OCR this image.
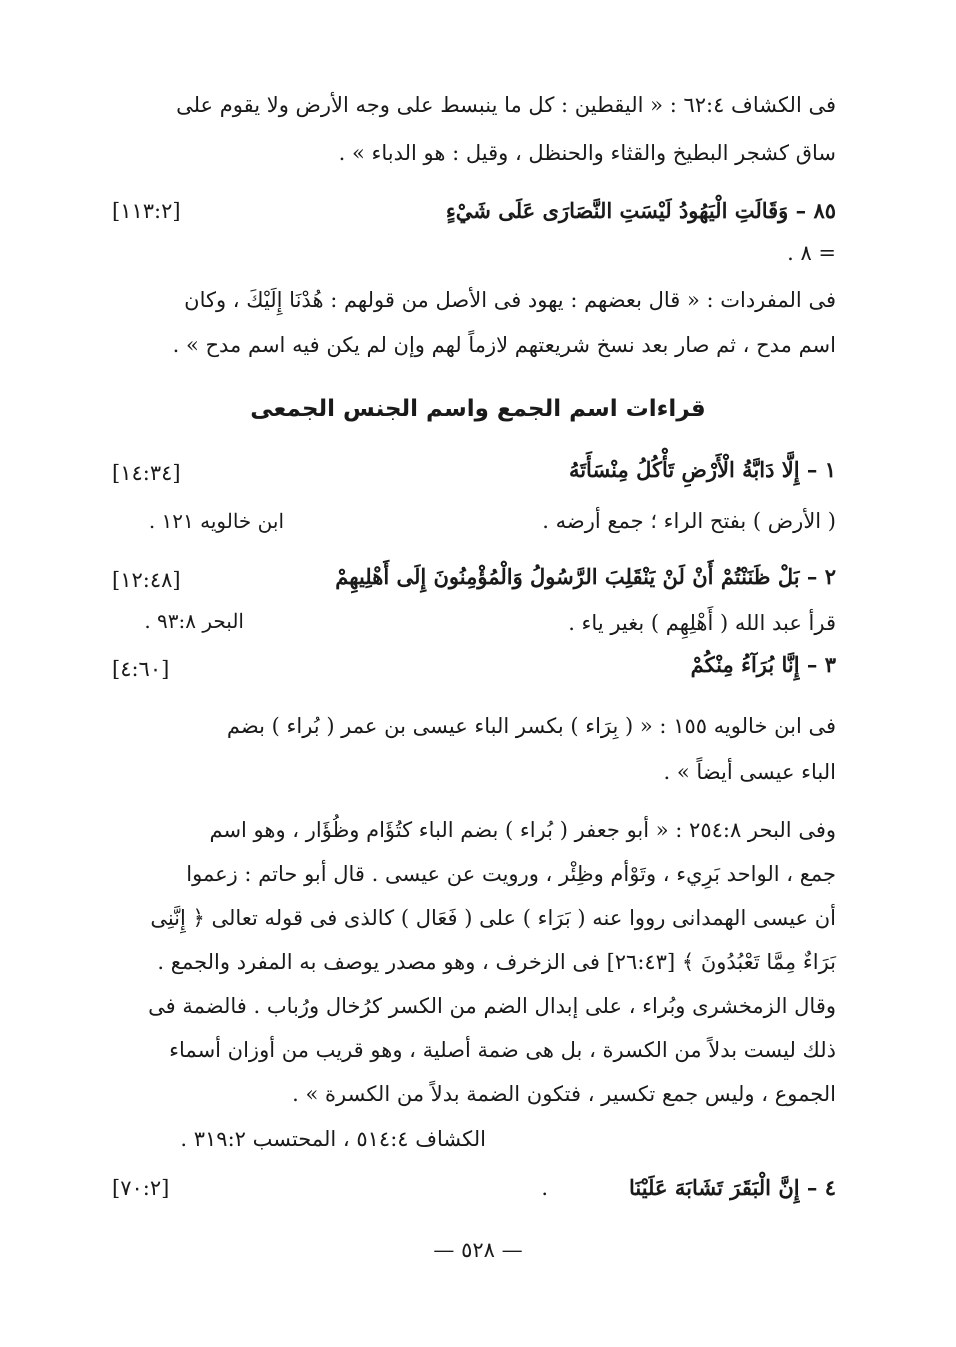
فى الكشاف ٦٢:٤ : « اليقطين : كل ما ينبسط على وجه الأرض ولا يقوم على
ساق كشجر البطيخ والقثاء والحنظل ، وقيل : هو الدباء » .
٨٥ – وَقَالَتِ الْيَهُودُ لَيْسَتِ النَّصَارَى عَلَى شَيْءٍ
[١١٣:٢]
= ٨ .
فى المفردات : « قال بعضهم : يهود فى الأصل من قولهم : هُدْنَا إِلَيْكَ ، وكان
اسم مدح ، ثم صار بعد نسخ شريعتهم لازماً لهم وإن لم يكن فيه اسم مدح » .
قراءات اسم الجمع واسم الجنس الجمعى
١ – إِلَّا دَابَّةُ الْأَرْضِ تَأْكُلُ مِنْسَأَتَهُ
[١٤:٣٤]
( الأرض ) بفتح الراء ؛ جمع أرضه .
ابن خالويه ١٢١ .
٢ – بَلْ ظَنَنْتُمْ أَنْ لَنْ يَنْقَلِبَ الرَّسُولُ وَالْمُؤْمِنُونَ إِلَى أَهْلِيهِمْ
[١٢:٤٨]
قرأ عبد الله ( أَهْلِهِم ) بغير ياء .
البحر ٩٣:٨ .
٣ – إِنَّا بُرَآءُ مِنْكُمْ
[٤:٦٠]
فى ابن خالويه ١٥٥ : « ( بِرَاء ) بكسر الباء عيسى بن عمر ( بُراء ) بضم
الباء عيسى أيضاً » .
وفى البحر ٢٥٤:٨ : « أبو جعفر ( بُراء ) بضم الباء كتُؤَام وظُؤَار ، وهو اسم
جمع ، الواحد بَرِيء ، وتَوْأم وظِئْر ، ورويت عن عيسى . قال أبو حاتم : زعموا
أن عيسى الهمدانى رووا عنه ( بَرَاء ) على ( فَعَال ) كالذى فى قوله تعالى ﴿ إِنَّنِى
بَرَاءٌ مِمَّا تَعْبُدُونَ ﴾ [٢٦:٤٣] فى الزخرف ، وهو مصدر يوصف به المفرد والجمع .
وقال الزمخشرى وبُراء ، على إبدال الضم من الكسر كرُخال ورُباب . فالضمة فى
ذلك ليست بدلاً من الكسرة ، بل هى ضمة أصلية ، وهو قريب من أوزان أسماء
الجموع ، وليس جمع تكسير ، فتكون الضمة بدلاً من الكسرة » .
الكشاف ٥١٤:٤ ، المحتسب ٣١٩:٢ .
٤ – إِنَّ الْبَقَرَ تَشَابَهَ عَلَيْنَا
.
[٧٠:٢]
— ٥٢٨ —
